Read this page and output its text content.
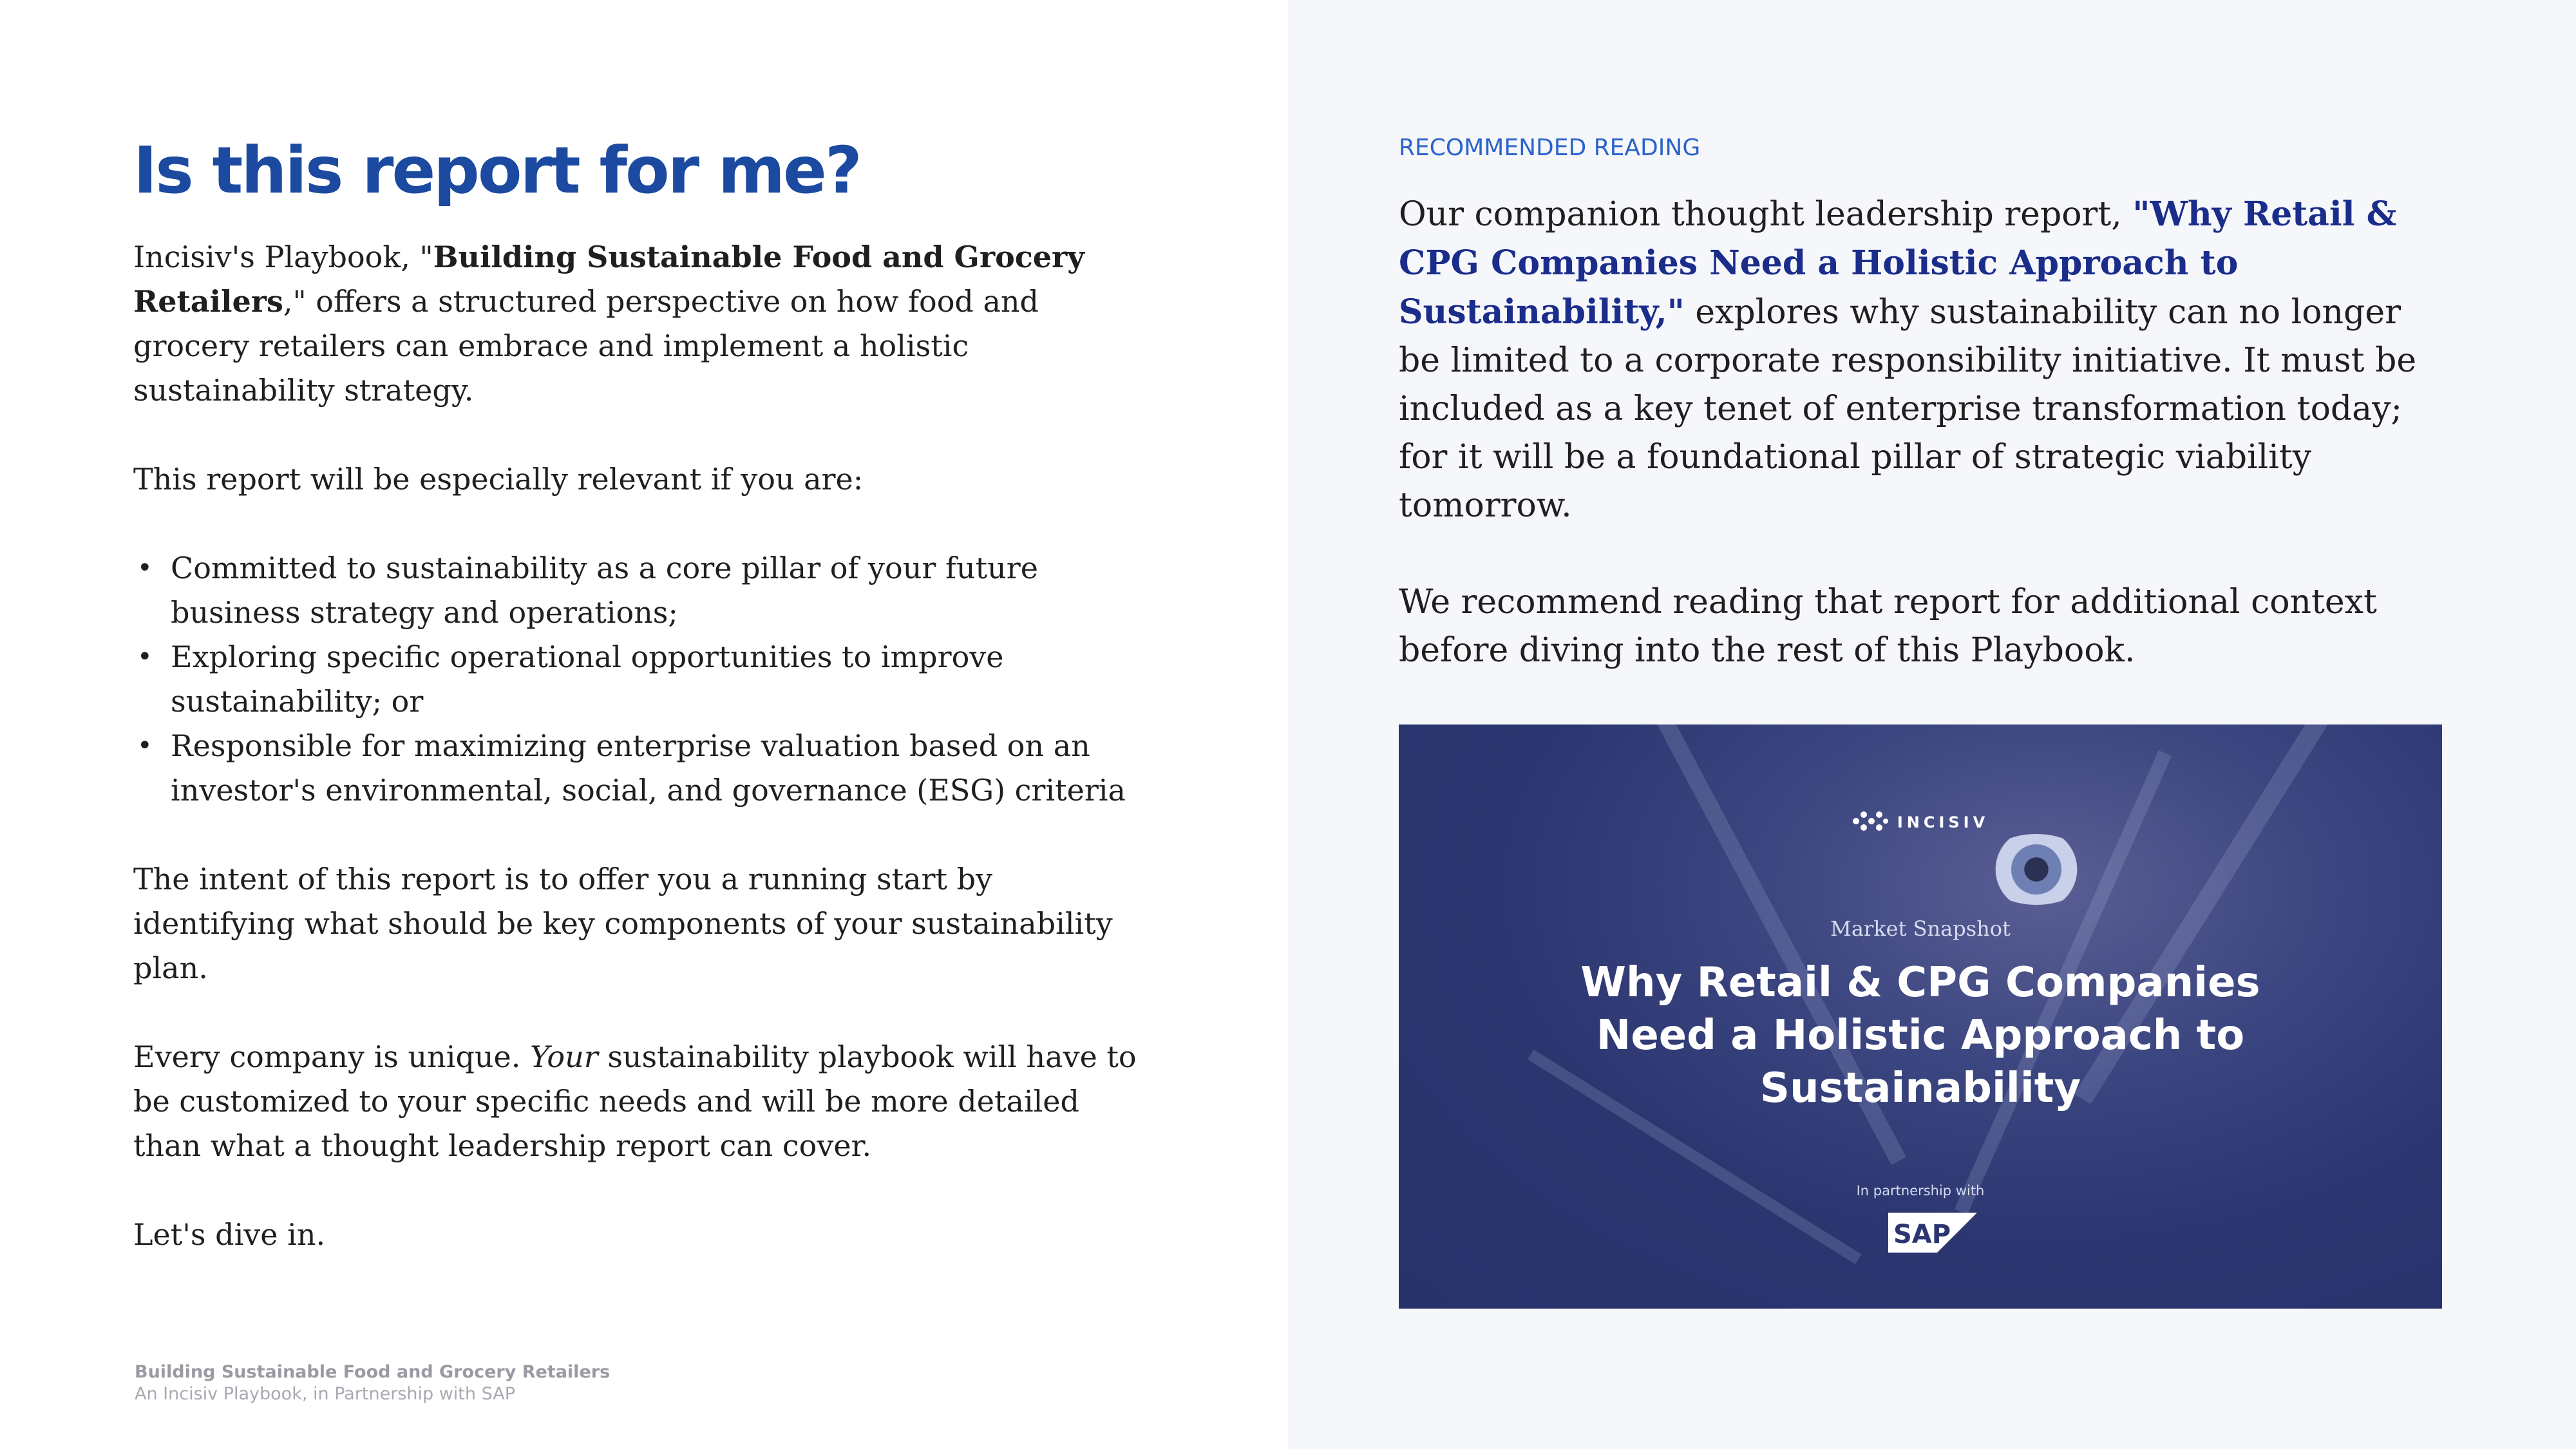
Is this report for me?

Incisiv's Playbook, "Building Sustainable Food and Grocery Retailers," offers a structured perspective on how food and grocery retailers can embrace and implement a holistic sustainability strategy.

This report will be especially relevant if you are:

• Committed to sustainability as a core pillar of your future business strategy and operations;
• Exploring specific operational opportunities to improve sustainability; or
• Responsible for maximizing enterprise valuation based on an investor's environmental, social, and governance (ESG) criteria

The intent of this report is to offer you a running start by identifying what should be key components of your sustainability plan.

Every company is unique. Your sustainability playbook will have to be customized to your specific needs and will be more detailed than what a thought leadership report can cover.

Let's dive in.

Building Sustainable Food and Grocery Retailers
An Incisiv Playbook, in Partnership with SAP
RECOMMENDED READING

Our companion thought leadership report, "Why Retail & CPG Companies Need a Holistic Approach to Sustainability," explores why sustainability can no longer be limited to a corporate responsibility initiative. It must be included as a key tenet of enterprise transformation today; for it will be a foundational pillar of strategic viability tomorrow.

We recommend reading that report for additional context before diving into the rest of this Playbook.

INCISIV
Market Snapshot
Why Retail & CPG Companies
Need a Holistic Approach to
Sustainability
In partnership with
SAP
